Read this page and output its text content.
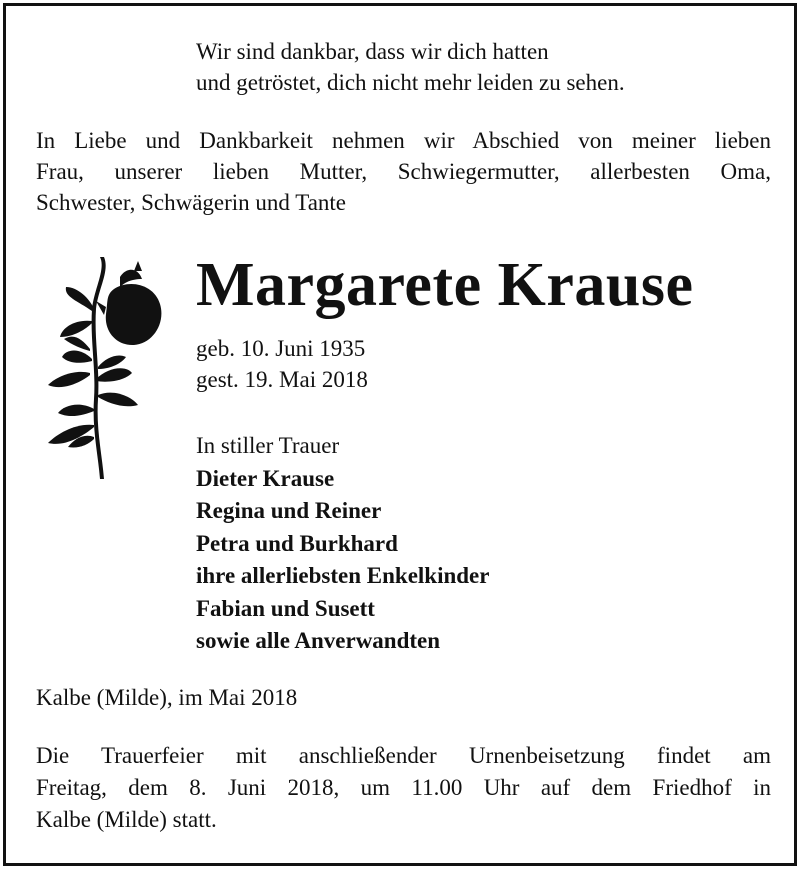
Wir sind dankbar, dass wir dich hatten
und getröstet, dich nicht mehr leiden zu sehen.
In Liebe und Dankbarkeit nehmen wir Abschied von meiner lieben
Frau, unserer lieben Mutter, Schwiegermutter, allerbesten Oma,
Schwester, Schwägerin und Tante
Margarete Krause
geb. 10. Juni 1935
gest. 19. Mai 2018
In stiller Trauer
Dieter Krause
Regina und Reiner
Petra und Burkhard
ihre allerliebsten Enkelkinder
Fabian und Susett
sowie alle Anverwandten
Kalbe (Milde), im Mai 2018
Die Trauerfeier mit anschließender Urnenbeisetzung findet am
Freitag, dem 8. Juni 2018, um 11.00 Uhr auf dem Friedhof in
Kalbe (Milde) statt.
